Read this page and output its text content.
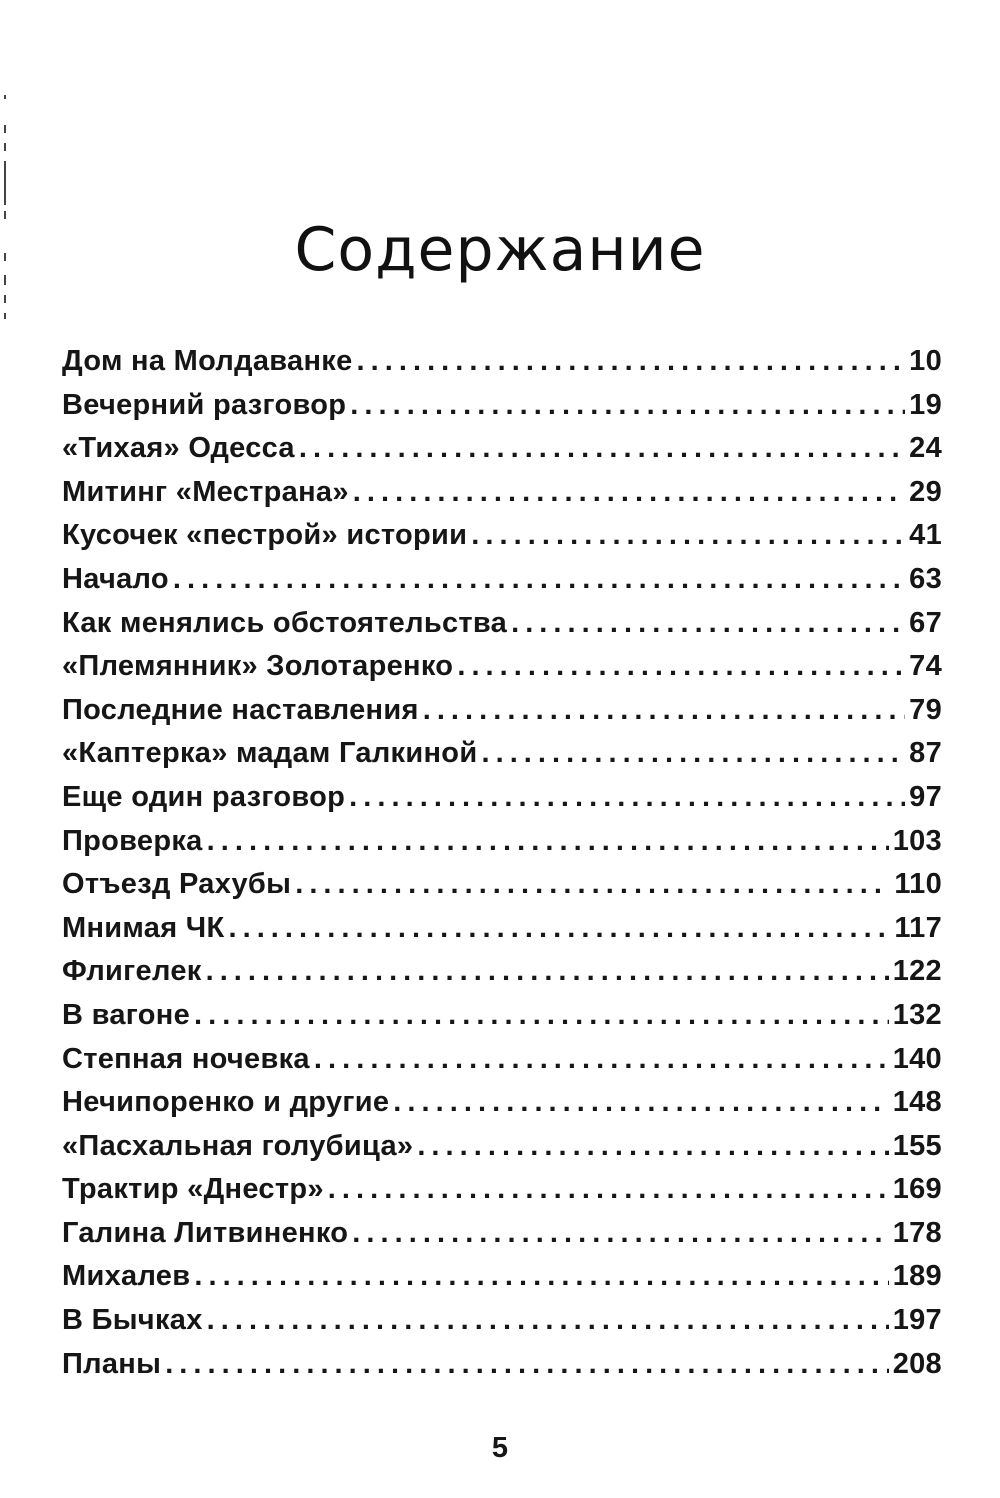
Содержание
Дом на Молдаванке . . .	10
Вечерний разговор . . .	19
«Тихая» Одесса . . .	24
Митинг «Местрана» . . .	29
Кусочек «пестрой» истории . . .	41
Начало . . .	63
Как менялись обстоятельства . . .	67
«Племянник» Золотаренко . . .	74
Последние наставления . . .	79
«Каптерка» мадам Галкиной . . .	87
Еще один разговор . . .	97
Проверка . . .	103
Отъезд Рахубы . . .	110
Мнимая ЧК . . .	117
Флигелек . . .	122
В вагоне . . .	132
Степная ночевка . . .	140
Нечипоренко и другие . . .	148
«Пасхальная голубица» . . .	155
Трактир «Днестр» . . .	169
Галина Литвиненко . . .	178
Михалев . . .	189
В Бычках . . .	197
Планы . . .	208
5
